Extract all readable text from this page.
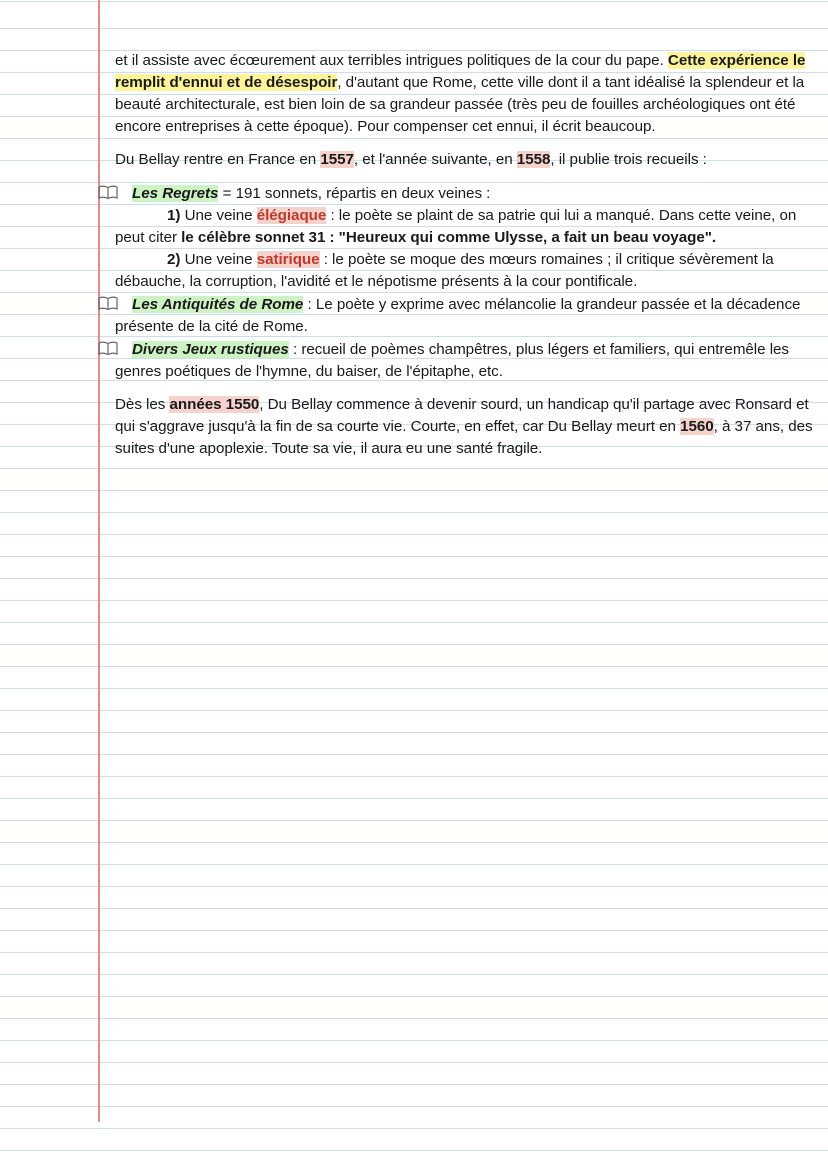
et il assiste avec écœurement aux terribles intrigues politiques de la cour du pape. Cette expérience le remplit d'ennui et de désespoir, d'autant que Rome, cette ville dont il a tant idéalisé la splendeur et la beauté architecturale, est bien loin de sa grandeur passée (très peu de fouilles archéologiques ont été encore entreprises à cette époque). Pour compenser cet ennui, il écrit beaucoup.

Du Bellay rentre en France en 1557, et l'année suivante, en 1558, il publie trois recueils :

Les Regrets = 191 sonnets, répartis en deux veines :

1) Une veine élégiaque : le poète se plaint de sa patrie qui lui a manqué. Dans cette veine, on peut citer le célèbre sonnet 31 : "Heureux qui comme Ulysse, a fait un beau voyage".

2) Une veine satirique : le poète se moque des mœurs romaines ; il critique sévèrement la débauche, la corruption, l'avidité et le népotisme présents à la cour pontificale.

Les Antiquités de Rome : Le poète y exprime avec mélancolie la grandeur passée et la décadence présente de la cité de Rome.

Divers Jeux rustiques : recueil de poèmes champêtres, plus légers et familiers, qui entremêle les genres poétiques de l'hymne, du baiser, de l'épitaphe, etc.

Dès les années 1550, Du Bellay commence à devenir sourd, un handicap qu'il partage avec Ronsard et qui s'aggrave jusqu'à la fin de sa courte vie. Courte, en effet, car Du Bellay meurt en 1560, à 37 ans, des suites d'une apoplexie. Toute sa vie, il aura eu une santé fragile.
